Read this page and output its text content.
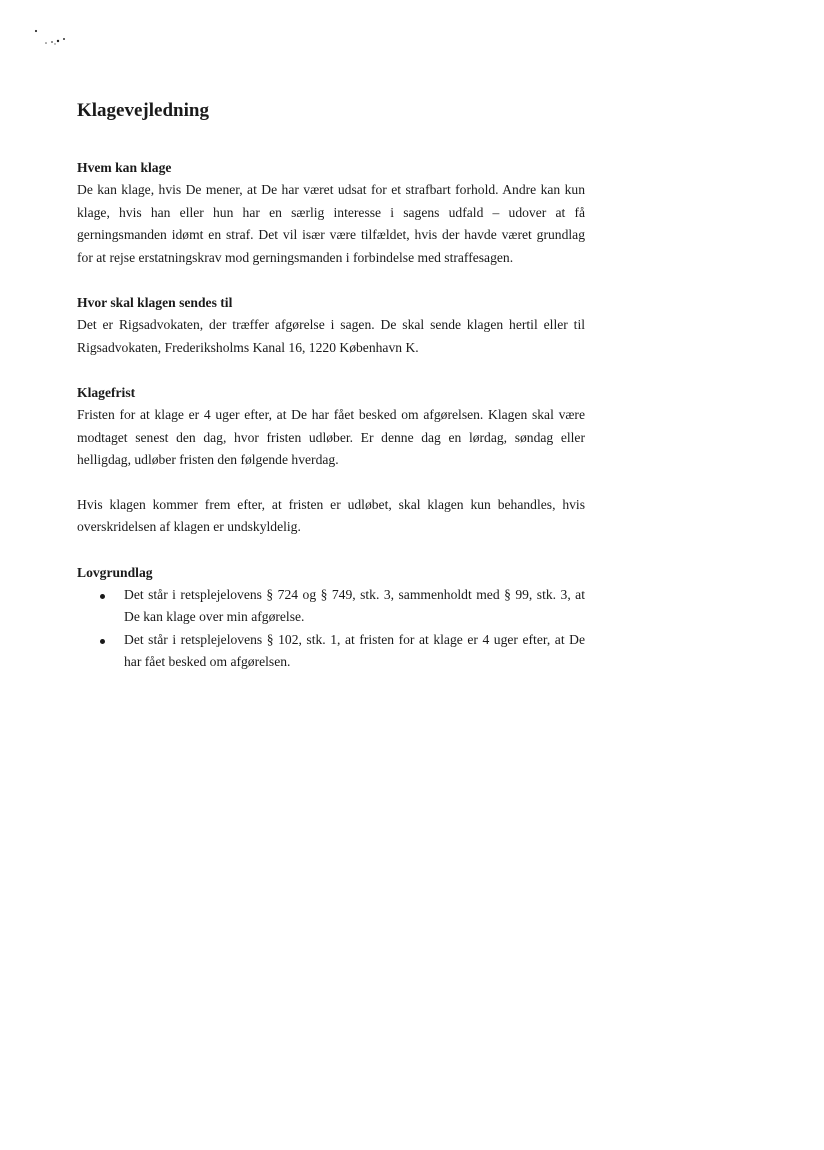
Klagevejledning
Hvem kan klage

De kan klage, hvis De mener, at De har været udsat for et strafbart forhold. Andre kan kun klage, hvis han eller hun har en særlig interesse i sagens udfald – udover at få gerningsmanden idømt en straf. Det vil især være tilfældet, hvis der havde været grundlag for at rejse erstatningskrav mod gerningsmanden i forbindelse med straffesagen.

Hvor skal klagen sendes til

Det er Rigsadvokaten, der træffer afgørelse i sagen. De skal sende klagen hertil eller til Rigsadvokaten, Frederiksholms Kanal 16, 1220 København K.

Klagefrist

Fristen for at klage er 4 uger efter, at De har fået besked om afgørelsen. Klagen skal være modtaget senest den dag, hvor fristen udløber. Er denne dag en lørdag, søndag eller helligdag, udløber fristen den følgende hverdag.

Hvis klagen kommer frem efter, at fristen er udløbet, skal klagen kun behandles, hvis overskridelsen af klagen er undskyldelig.

Lovgrundlag
Det står i retsplejelovens § 724 og § 749, stk. 3, sammenholdt med § 99, stk. 3, at De kan klage over min afgørelse.
Det står i retsplejelovens § 102, stk. 1, at fristen for at klage er 4 uger efter, at De har fået besked om afgørelsen.
